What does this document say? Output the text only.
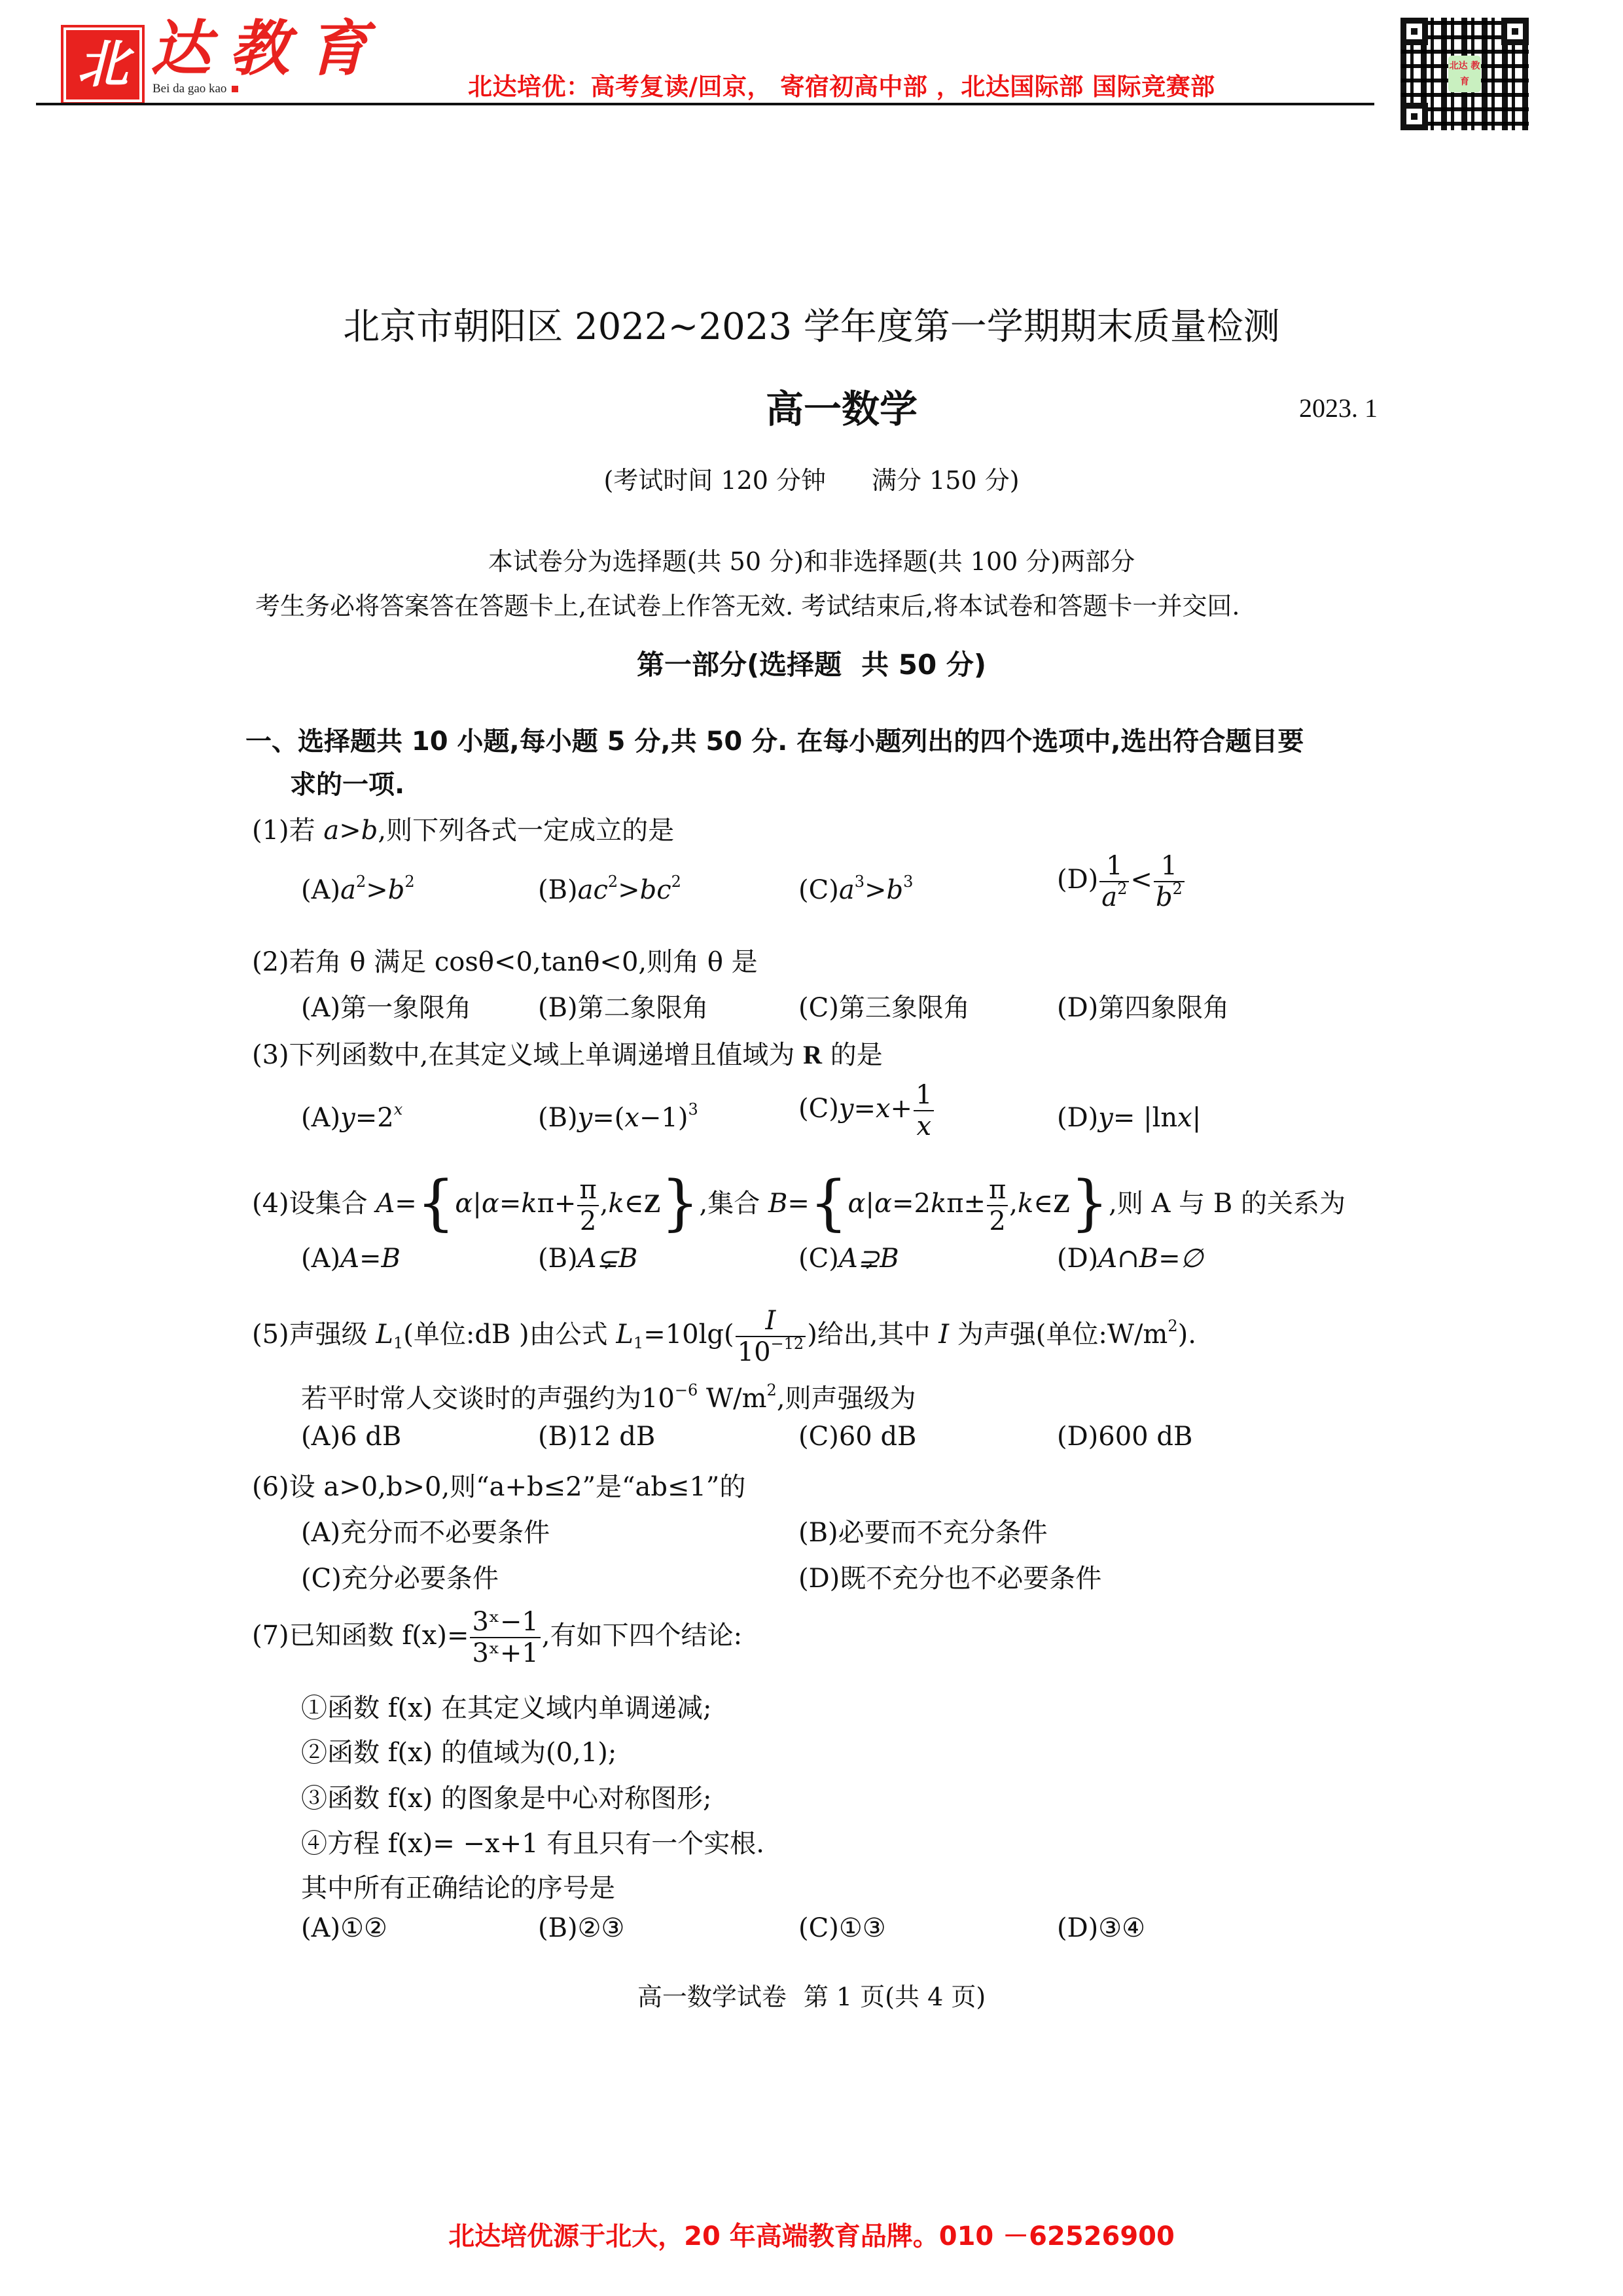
北 达教育
Bei da gao kao	北达培优：高考复读/回京， 寄宿初高中部 ，北达国际部 国际竞赛部
北达 教育
北京市朝阳区 2022~2023 学年度第一学期期末质量检测
高一数学	2023. 1
(考试时间 120 分钟 满分 150 分)
本试卷分为选择题(共 50 分)和非选择题(共 100 分)两部分
考生务必将答案答在答题卡上,在试卷上作答无效. 考试结束后,将本试卷和答题卡一并交回.
第一部分(选择题 共 50 分)
一、选择题共 10 小题,每小题 5 分,共 50 分. 在每小题列出的四个选项中,选出符合题目要
求的一项.
(1)若 a>b,则下列各式一定成立的是
$(A)a^2>b^2$	$(B)ac^2>bc^2$	$(C)a^3>b^3$	$(D) \frac{1}{a^2} < \frac{1}{b^2}$
(2)若角 θ 满足 cosθ<0,tanθ<0,则角 θ 是
(A)第一象限角	(B)第二象限角	(C)第三象限角	(D)第四象限角
(3)下列函数中,在其定义域上单调递增且值域为 R 的是
$(A)y=2^x$	$(B)y=(x-1)^3$	$(C)y=x+ \frac{1}{x}$	(D)y= |lnx|
(4)设集合 $A=\{\alpha|\alpha=k\pi+ \frac{\pi}{2}$ ,k∈Z},集合 $B=\{\alpha|\alpha=2k\pi\pm \frac{\pi}{2}$ ,k∈Z},则 A 与 B 的关系为
(A)A=B	(B)A⊊B	(C)A⊋B	(D)A∩B=∅
(5)声强级 $L_1$(单位:dB )由公式 $L_1=10\lg( \frac{I}{10^{-12}}$ )给出,其中 I 为声强(单位$:W/m^2$).
若平时常人交谈时的声强约为$10^{-6}$ $W/m^2$,则声强级为
(A)6 dB	(B)12 dB	(C)60 dB	(D)600 dB
(6)设 a>0,b>0,则“a+b≤2”是“ab≤1”的
(A)充分而不必要条件	(B)必要而不充分条件
(C)充分必要条件	(D)既不充分也不必要条件
(7)已知函数 $f(x)= \frac{\text{3ˣ−1}}{\text{3ˣ+1}}$ ,有如下四个结论:
①函数 f(x) 在其定义域内单调递减;
②函数 f(x) 的值域为(0,1);
③函数 f(x) 的图象是中心对称图形;
④方程 f(x)= −x+1 有且只有一个实根.
其中所有正确结论的序号是
(A)①②	(B)②③	(C)①③	(D)③④
高一数学试卷 第 1 页(共 4 页)
北达培优源于北大，20 年高端教育品牌。010 －62526900
